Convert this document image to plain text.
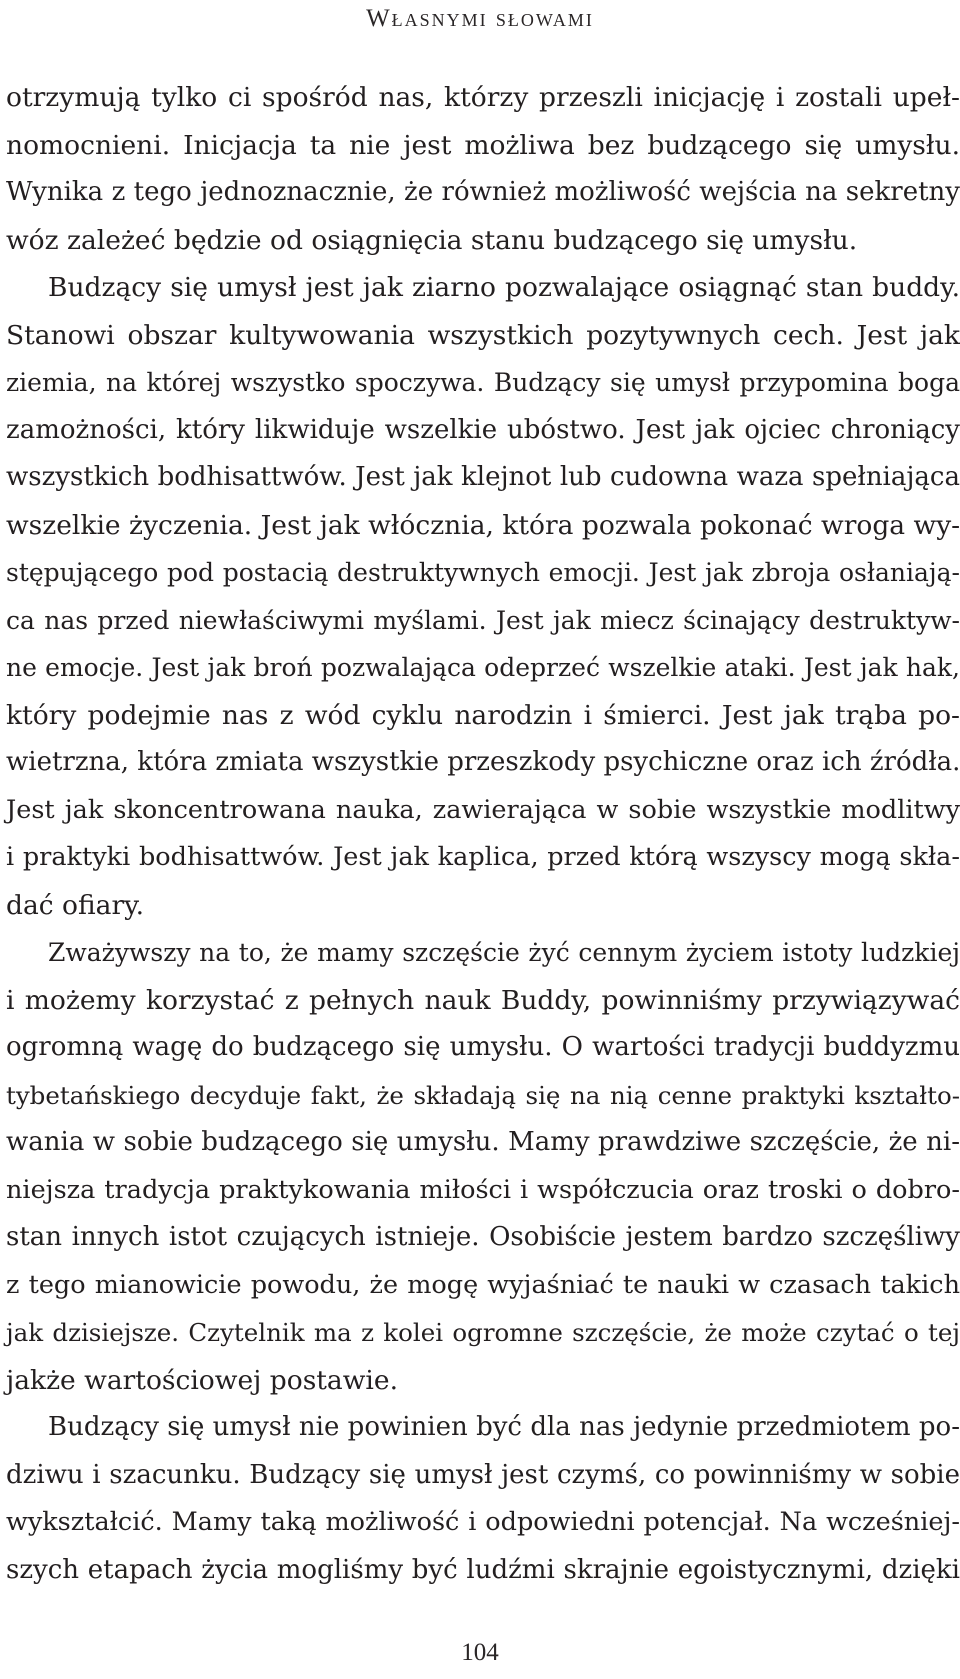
Własnymi słowami
otrzymują tylko ci spośród nas, którzy przeszli inicjację i zostali upeł-
nomocnieni. Inicjacja ta nie jest możliwa bez budzącego się umysłu.
Wynika z tego jednoznacznie, że również możliwość wejścia na sekretny
wóz zależeć będzie od osiągnięcia stanu budzącego się umysłu.
Budzący się umysł jest jak ziarno pozwalające osiągnąć stan buddy.
Stanowi obszar kultywowania wszystkich pozytywnych cech. Jest jak
ziemia, na której wszystko spoczywa. Budzący się umysł przypomina boga
zamożności, który likwiduje wszelkie ubóstwo. Jest jak ojciec chroniący
wszystkich bodhisattwów. Jest jak klejnot lub cudowna waza spełniająca
wszelkie życzenia. Jest jak włócznia, która pozwala pokonać wroga wy-
stępującego pod postacią destruktywnych emocji. Jest jak zbroja osłaniają-
ca nas przed niewłaściwymi myślami. Jest jak miecz ścinający destruktyw-
ne emocje. Jest jak broń pozwalająca odeprzeć wszelkie ataki. Jest jak hak,
który podejmie nas z wód cyklu narodzin i śmierci. Jest jak trąba po-
wietrzna, która zmiata wszystkie przeszkody psychiczne oraz ich źródła.
Jest jak skoncentrowana nauka, zawierająca w sobie wszystkie modlitwy
i praktyki bodhisattwów. Jest jak kaplica, przed którą wszyscy mogą skła-
dać ofiary.
Zważywszy na to, że mamy szczęście żyć cennym życiem istoty ludzkiej
i możemy korzystać z pełnych nauk Buddy, powinniśmy przywiązywać
ogromną wagę do budzącego się umysłu. O wartości tradycji buddyzmu
tybetańskiego decyduje fakt, że składają się na nią cenne praktyki kształto-
wania w sobie budzącego się umysłu. Mamy prawdziwe szczęście, że ni-
niejsza tradycja praktykowania miłości i współczucia oraz troski o dobro-
stan innych istot czujących istnieje. Osobiście jestem bardzo szczęśliwy
z tego mianowicie powodu, że mogę wyjaśniać te nauki w czasach takich
jak dzisiejsze. Czytelnik ma z kolei ogromne szczęście, że może czytać o tej
jakże wartościowej postawie.
Budzący się umysł nie powinien być dla nas jedynie przedmiotem po-
dziwu i szacunku. Budzący się umysł jest czymś, co powinniśmy w sobie
wykształcić. Mamy taką możliwość i odpowiedni potencjał. Na wcześniej-
szych etapach życia mogliśmy być ludźmi skrajnie egoistycznymi, dzięki
104
